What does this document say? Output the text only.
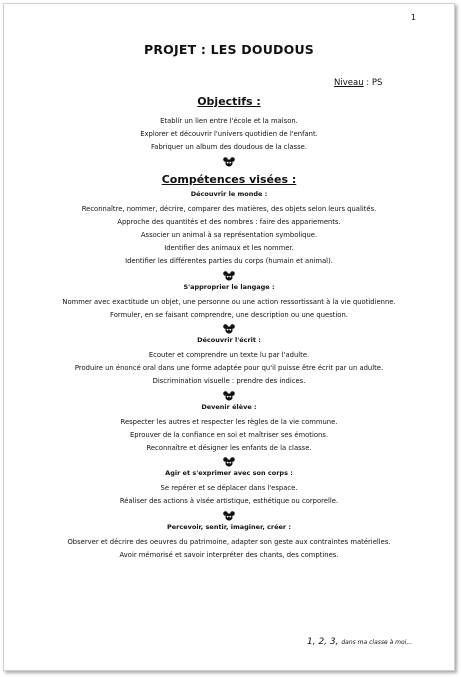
1
PROJET : LES DOUDOUS
Niveau : PS
Objectifs :
Etablir un lien entre l'école et la maison.
Explorer et découvrir l'univers quotidien de l'enfant.
Fabriquer un album des doudous de la classe.
Compétences visées :
Découvrir le monde :
Reconnaître, nommer, décrire, comparer des matières, des objets selon leurs qualités.
Approche des quantités et des nombres : faire des appariements.
Associer un animal à sa représentation symbolique.
Identifier des animaux et les nommer.
Identifier les différentes parties du corps (humain et animal).
S'approprier le langage :
Nommer avec exactitude un objet, une personne ou une action ressortissant à la vie quotidienne.
Formuler, en se faisant comprendre, une description ou une question.
Découvrir l'écrit :
Ecouter et comprendre un texte lu par l'adulte.
Produire un énoncé oral dans une forme adaptée pour qu'il puisse être écrit par un adulte.
Discrimination visuelle : prendre des indices.
Devenir élève :
Respecter les autres et respecter les règles de la vie commune.
Eprouver de la confiance en soi et maîtriser ses émotions.
Reconnaître et désigner les enfants de la classe.
Agir et s'exprimer avec son corps :
Se repérer et se déplacer dans l'espace.
Réaliser des actions à visée artistique, esthétique ou corporelle.
Percevoir, sentir, imaginer, créer :
Observer et décrire des oeuvres du patrimoine, adapter son geste aux contraintes matérielles.
Avoir mémorisé et savoir interpréter des chants, des comptines.
1, 2, 3, dans ma classe à moi...
